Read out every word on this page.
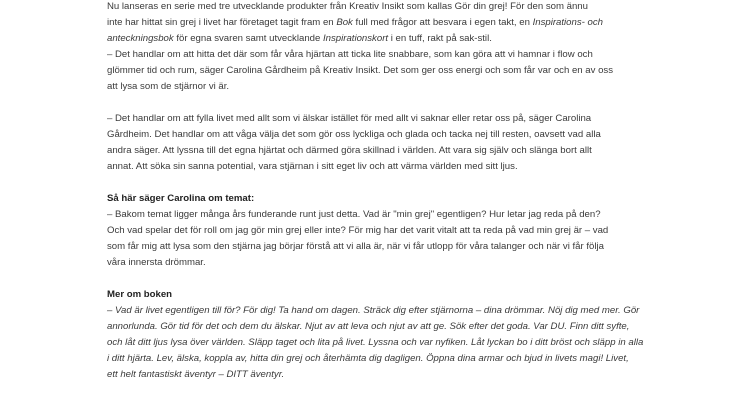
Nu lanseras en serie med tre utvecklande produkter från Kreativ Insikt som kallas Gör din grej! För den som ännu
inte har hittat sin grej i livet har företaget tagit fram en Bok full med frågor att besvara i egen takt, en Inspirations- och
anteckningsbok för egna svaren samt utvecklande Inspirationskort i en tuff, rakt på sak-stil.
– Det handlar om att hitta det där som får våra hjärtan att ticka lite snabbare, som kan göra att vi hamnar i flow och
glömmer tid och rum, säger Carolina Gårdheim på Kreativ Insikt. Det som ger oss energi och som får var och en av oss
att lysa som de stjärnor vi är.
– Det handlar om att fylla livet med allt som vi älskar istället för med allt vi saknar eller retar oss på, säger Carolina
Gårdheim. Det handlar om att våga välja det som gör oss lyckliga och glada och tacka nej till resten, oavsett vad alla
andra säger. Att lyssna till det egna hjärtat och därmed göra skillnad i världen. Att vara sig själv och slänga bort allt
annat. Att söka sin sanna potential, vara stjärnan i sitt eget liv och att värma världen med sitt ljus.
Så här säger Carolina om temat:
– Bakom temat ligger många års funderande runt just detta. Vad är "min grej" egentligen? Hur letar jag reda på den?
Och vad spelar det för roll om jag gör min grej eller inte? För mig har det varit vitalt att ta reda på vad min grej är – vad
som får mig att lysa som den stjärna jag börjar förstå att vi alla är, när vi får utlopp för våra talanger och när vi får följa
våra innersta drömmar.
Mer om boken
– Vad är livet egentligen till för? För dig! Ta hand om dagen. Sträck dig efter stjärnorna – dina drömmar. Nöj dig med mer. Gör
annorlunda. Gör tid för det och dem du älskar. Njut av att leva och njut av att ge. Sök efter det goda. Var DU. Finn ditt syfte,
och låt ditt ljus lysa över världen. Släpp taget och lita på livet. Lyssna och var nyfiken. Låt lyckan bo i ditt bröst och släpp in alla
i ditt hjärta. Lev, älska, koppla av, hitta din grej och återhämta dig dagligen. Öppna dina armar och bjud in livets magi! Livet,
ett helt fantastiskt äventyr – DITT äventyr.
